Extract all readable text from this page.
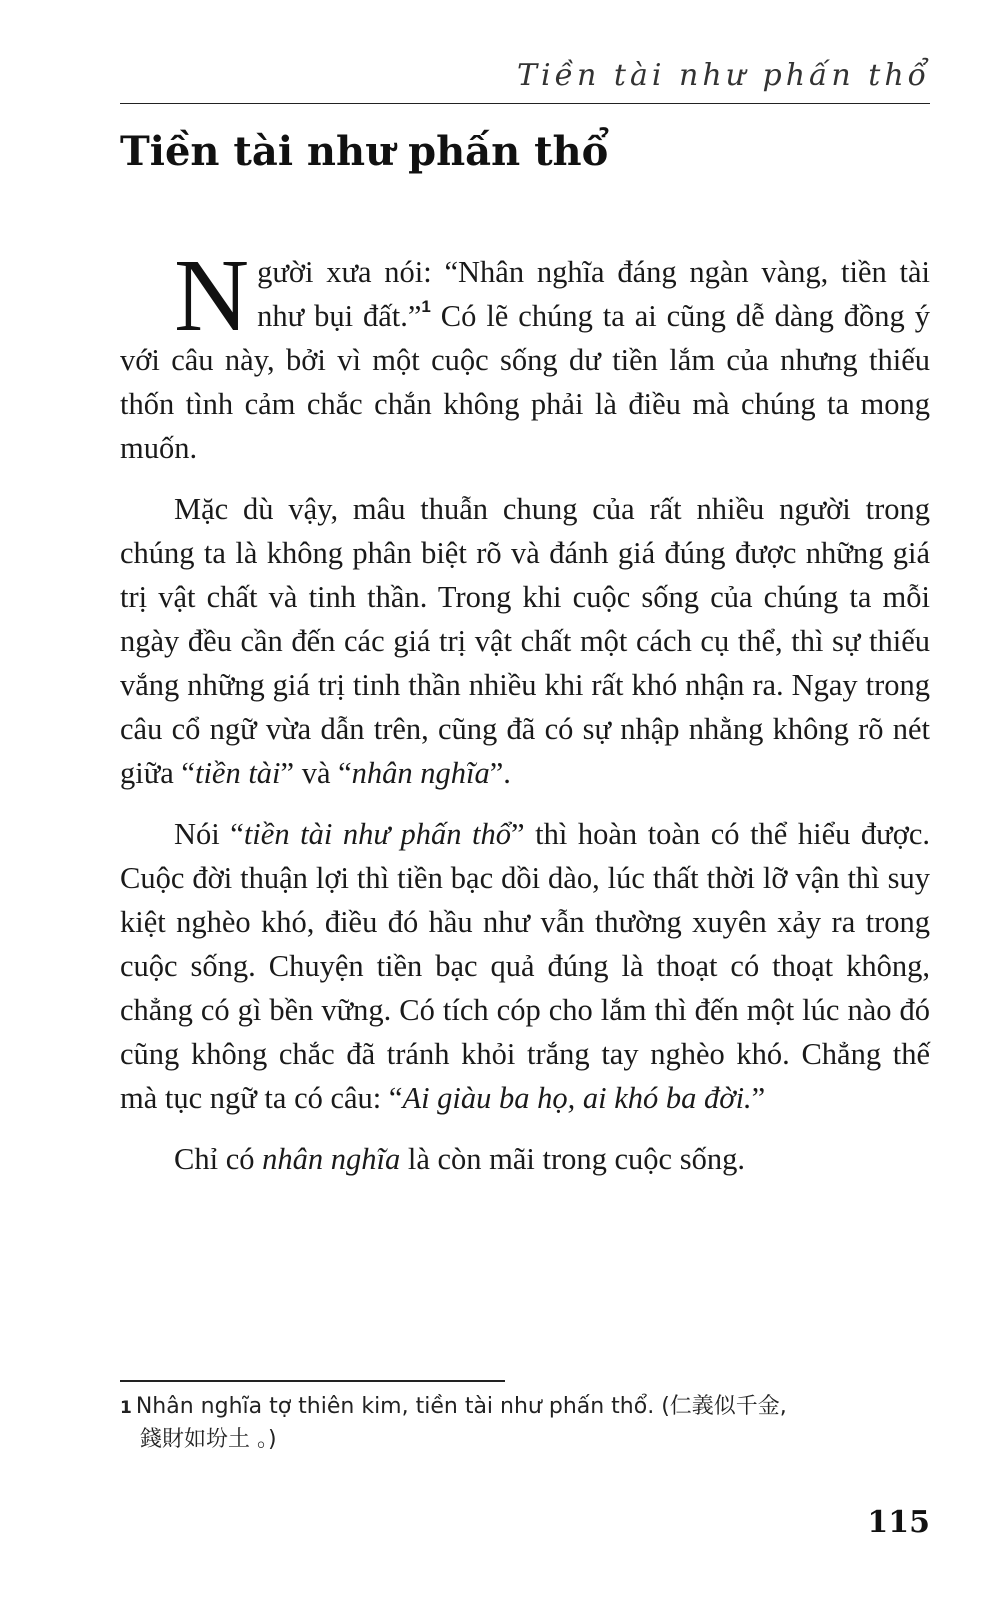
Tiền tài như phấn thổ
Tiền tài như phấn thổ

Người xưa nói: “Nhân nghĩa đáng ngàn vàng, tiền tài như bụi đất.”$^1$ Có lẽ chúng ta ai cũng dễ dàng đồng ý với câu này, bởi vì một cuộc sống dư tiền lắm của nhưng thiếu thốn tình cảm chắc chắn không phải là điều mà chúng ta mong muốn.

Mặc dù vậy, mâu thuẫn chung của rất nhiều người trong chúng ta là không phân biệt rõ và đánh giá đúng được những giá trị vật chất và tinh thần. Trong khi cuộc sống của chúng ta mỗi ngày đều cần đến các giá trị vật chất một cách cụ thể, thì sự thiếu vắng những giá trị tinh thần nhiều khi rất khó nhận ra. Ngay trong câu cổ ngữ vừa dẫn trên, cũng đã có sự nhập nhằng không rõ nét giữa “tiền tài” và “nhân nghĩa”.

Nói “tiền tài như phấn thổ” thì hoàn toàn có thể hiểu được. Cuộc đời thuận lợi thì tiền bạc dồi dào, lúc thất thời lỡ vận thì suy kiệt nghèo khó, điều đó hầu như vẫn thường xuyên xảy ra trong cuộc sống. Chuyện tiền bạc quả đúng là thoạt có thoạt không, chẳng có gì bền vững. Có tích cóp cho lắm thì đến một lúc nào đó cũng không chắc đã tránh khỏi trắng tay nghèo khó. Chẳng thế mà tục ngữ ta có câu: “Ai giàu ba họ, ai khó ba đời.”

Chỉ có nhân nghĩa là còn mãi trong cuộc sống.

$^1$ Nhân nghĩa tợ thiên kim, tiền tài như phấn thổ. (仁義似千金,
錢財如坋土 。)
115
